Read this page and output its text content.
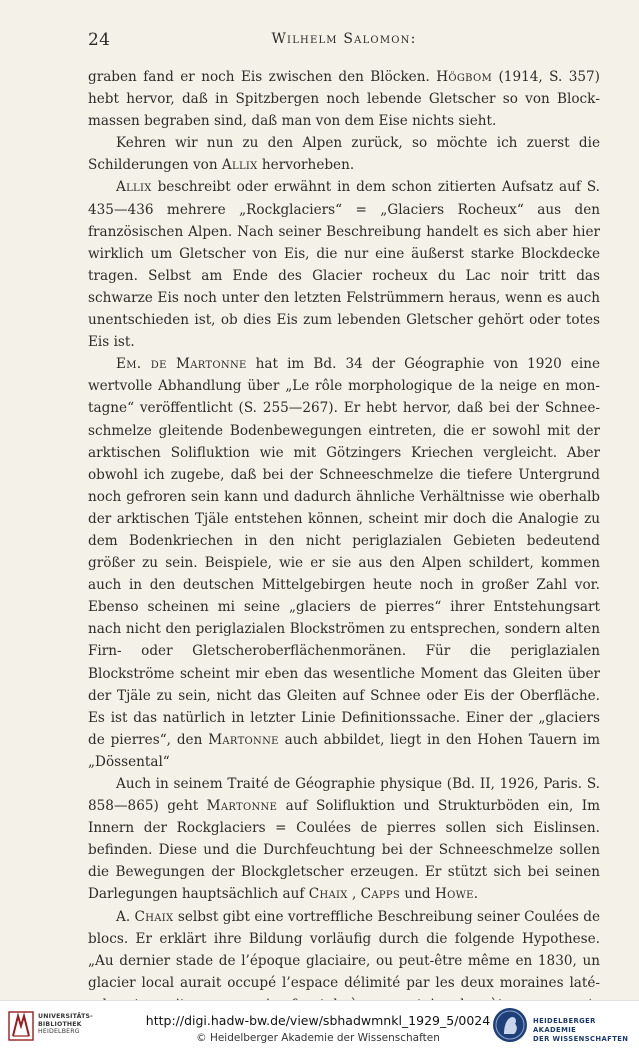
24	Wilhelm Salomon:

graben fand er noch Eis zwischen den Blöcken. Högbom (1914, S. 357) hebt hervor, daß in Spitzbergen noch lebende Gletscher so von Blockmassen begraben sind, daß man von dem Eise nichts sieht.

Kehren wir nun zu den Alpen zurück, so möchte ich zuerst die Schilderungen von Allix hervorheben.

Allix beschreibt oder erwähnt in dem schon zitierten Aufsatz auf S. 435—436 mehrere „Rockglaciers“ = „Glaciers Rocheux“ aus den französischen Alpen. Nach seiner Beschreibung handelt es sich aber hier wirklich um Gletscher von Eis, die nur eine äußerst starke Blockdecke tragen. Selbst am Ende des Glacier rocheux du Lac noir tritt das schwarze Eis noch unter den letzten Felstrümmern heraus, wenn es auch unentschieden ist, ob dies Eis zum lebenden Gletscher gehört oder totes Eis ist.

Em. de Martonne hat im Bd. 34 der Géographie von 1920 eine wertvolle Abhandlung über „Le rôle morphologique de la neige en montagne“ veröffentlicht (S. 255—267). Er hebt hervor, daß bei der Schneeschmelze gleitende Bodenbewegungen eintreten, die er sowohl mit der arktischen Solifluktion wie mit Götzingers Kriechen vergleicht. Aber obwohl ich zugebe, daß bei der Schneeschmelze die tiefere Untergrund noch gefroren sein kann und dadurch ähnliche Verhältnisse wie oberhalb der arktischen Tjäle entstehen können, scheint mir doch die Analogie zu dem Bodenkriechen in den nicht periglazialen Gebieten bedeutend größer zu sein. Beispiele, wie er sie aus den Alpen schildert, kommen auch in den deutschen Mittelgebirgen heute noch in großer Zahl vor. Ebenso scheinen mi seine „glaciers de pierres“ ihrer Entstehungsart nach nicht den periglazialen Blockströmen zu entsprechen, sondern alten Firn- oder Gletscheroberflächenmoränen. Für die periglazialen Blockströme scheint mir eben das wesentliche Moment das Gleiten über der Tjäle zu sein, nicht das Gleiten auf Schnee oder Eis der Oberfläche. Es ist das natürlich in letzter Linie Definitionssache. Einer der „glaciers de pierres“, den Martonne auch abbildet, liegt in den Hohen Tauern im „Dössental“

Auch in seinem Traité de Géographie physique (Bd. II, 1926, Paris. S. 858—865) geht Martonne auf Solifluktion und Strukturböden ein, Im Innern der Rockglaciers = Coulées de pierres sollen sich Eislinsen. befinden. Diese und die Durchfeuchtung bei der Schneeschmelze sollen die Bewegungen der Blockgletscher erzeugen. Er stützt sich bei seinen Darlegungen hauptsächlich auf Chaix , Capps und Howe.

A. Chaix selbst gibt eine vortreffliche Beschreibung seiner Coulées de blocs. Er erklärt ihre Bildung vorläufig durch die folgende Hypothese. „Au dernier stade de l’époque glaciaire, ou peut-être même en 1830, un glacier local aurait occupé l’espace délimité par les deux moraines laté

UNIVERSITÄTS-
BIBLIOTHEK
HEIDELBERG
http://digi.hadw-bw.de/view/sbhadwmnkl_1929_5/0024
© Heidelberger Akademie der Wissenschaften
HEIDELBERGER AKADEMIE
DER WISSENSCHAFTEN
